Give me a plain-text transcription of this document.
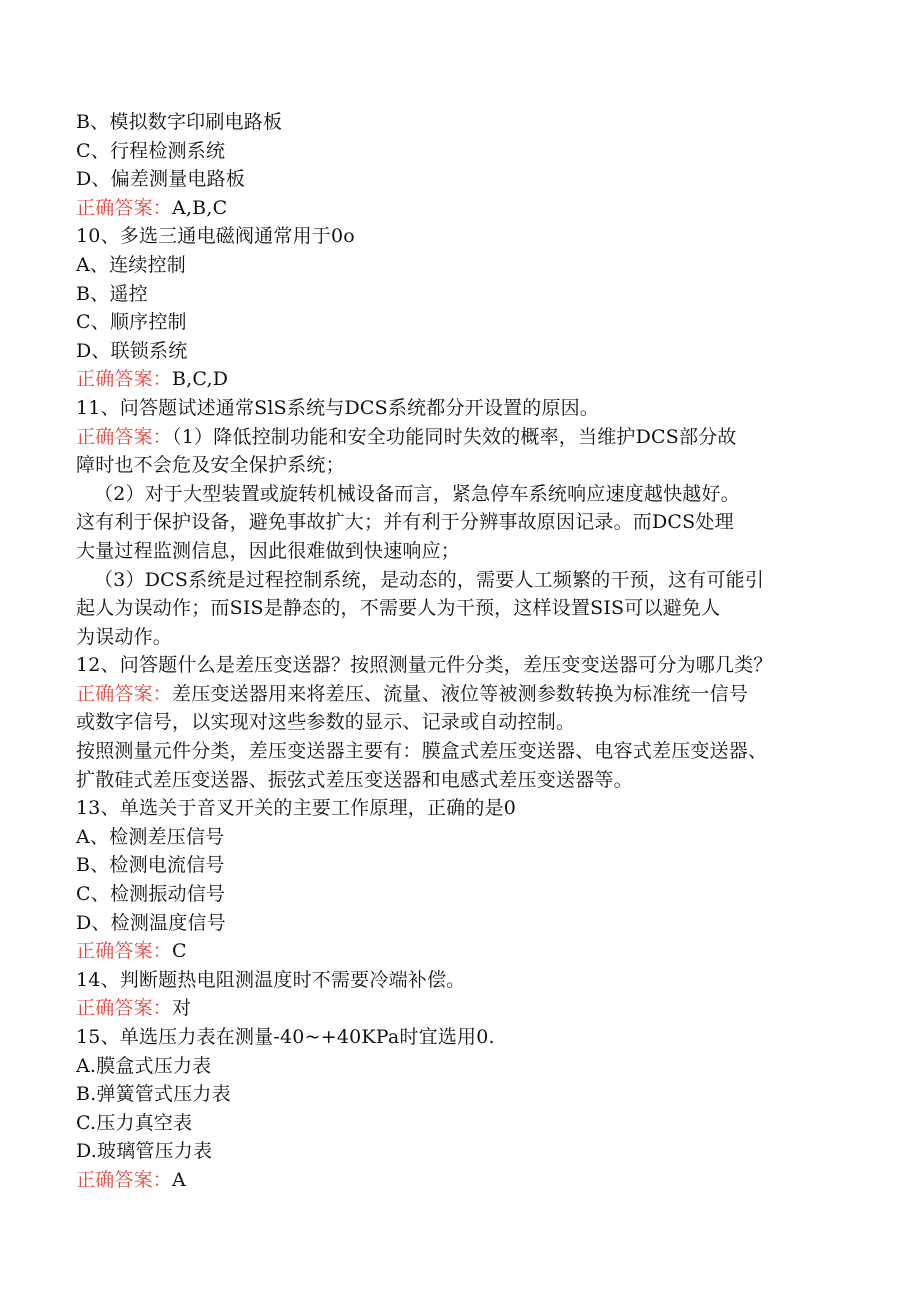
B、模拟数字印刷电路板
C、行程检测系统
D、偏差测量电路板
正确答案：A,B,C
10、多选三通电磁阀通常用于0o
A、连续控制
B、遥控
C、顺序控制
D、联锁系统
正确答案：B,C,D
11、问答题试述通常SlS系统与DCS系统都分开设置的原因。
正确答案：（1）降低控制功能和安全功能同时失效的概率，当维护DCS部分故
障时也不会危及安全保护系统；
（2）对于大型装置或旋转机械设备而言，紧急停车系统响应速度越快越好。
这有利于保护设备，避免事故扩大；并有利于分辨事故原因记录。而DCS处理
大量过程监测信息，因此很难做到快速响应；
（3）DCS系统是过程控制系统，是动态的，需要人工频繁的干预，这有可能引
起人为误动作；而SIS是静态的，不需要人为干预，这样设置SIS可以避免人
为误动作。
12、问答题什么是差压变送器？按照测量元件分类，差压变变送器可分为哪几类？
正确答案：差压变送器用来将差压、流量、液位等被测参数转换为标准统一信号
或数字信号，以实现对这些参数的显示、记录或自动控制。
按照测量元件分类，差压变送器主要有：膜盒式差压变送器、电容式差压变送器、
扩散硅式差压变送器、振弦式差压变送器和电感式差压变送器等。
13、单选关于音叉开关的主要工作原理，正确的是0
A、检测差压信号
B、检测电流信号
C、检测振动信号
D、检测温度信号
正确答案：C
14、判断题热电阻测温度时不需要冷端补偿。
正确答案：对
15、单选压力表在测量-40~+40KPa时宜选用0.
A.膜盒式压力表
B.弹簧管式压力表
C.压力真空表
D.玻璃管压力表
正确答案：A
